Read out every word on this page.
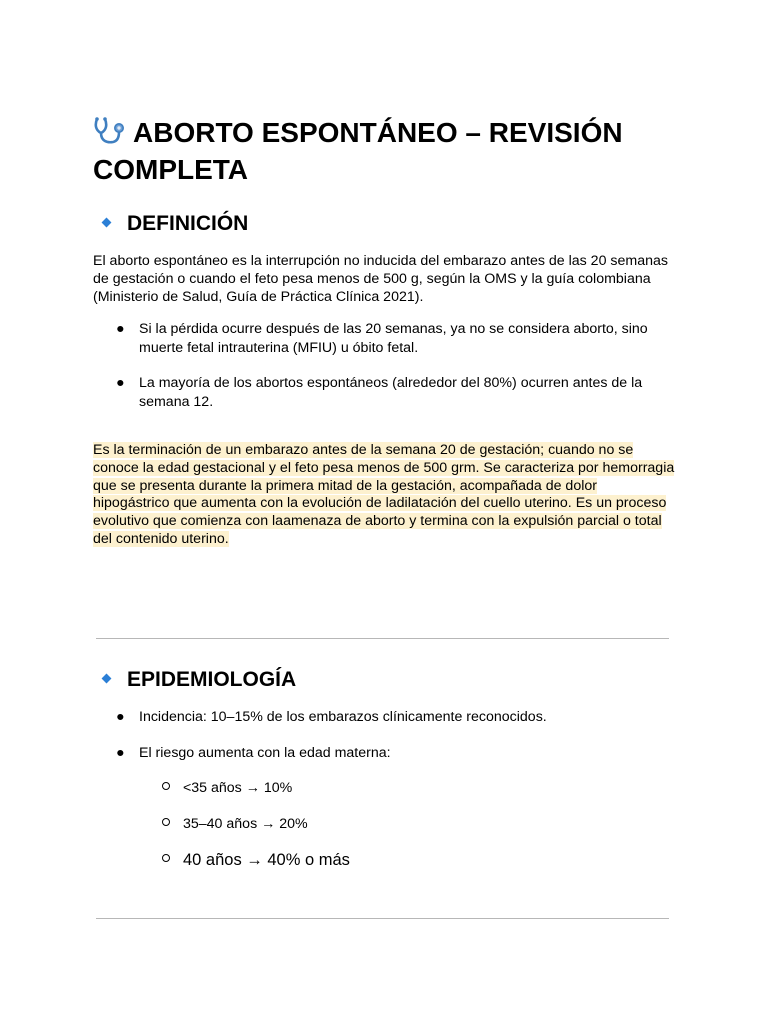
ABORTO ESPONTÁNEO – REVISIÓN COMPLETA
DEFINICIÓN

El aborto espontáneo es la interrupción no inducida del embarazo antes de las 20 semanas de gestación o cuando el feto pesa menos de 500 g, según la OMS y la guía colombiana (Ministerio de Salud, Guía de Práctica Clínica 2021).

●	Si la pérdida ocurre después de las 20 semanas, ya no se considera aborto, sino muerte fetal intrauterina (MFIU) u óbito fetal.

●	La mayoría de los abortos espontáneos (alrededor del 80%) ocurren antes de la semana 12.

Es la terminación de un embarazo antes de la semana 20 de gestación; cuando no se conoce la edad gestacional y el feto pesa menos de 500 grm. Se caracteriza por hemorragia que se presenta durante la primera mitad de la gestación, acompañada de dolor hipogástrico que aumenta con la evolución de ladilatación del cuello uterino. Es un proceso evolutivo que comienza con laamenaza de aborto y termina con la expulsión parcial o total del contenido uterino.

EPIDEMIOLOGÍA

●	Incidencia: 10–15% de los embarazos clínicamente reconocidos.

●	El riesgo aumenta con la edad materna:

<35 años → 10%

35–40 años → 20%

40 años → 40% o más
